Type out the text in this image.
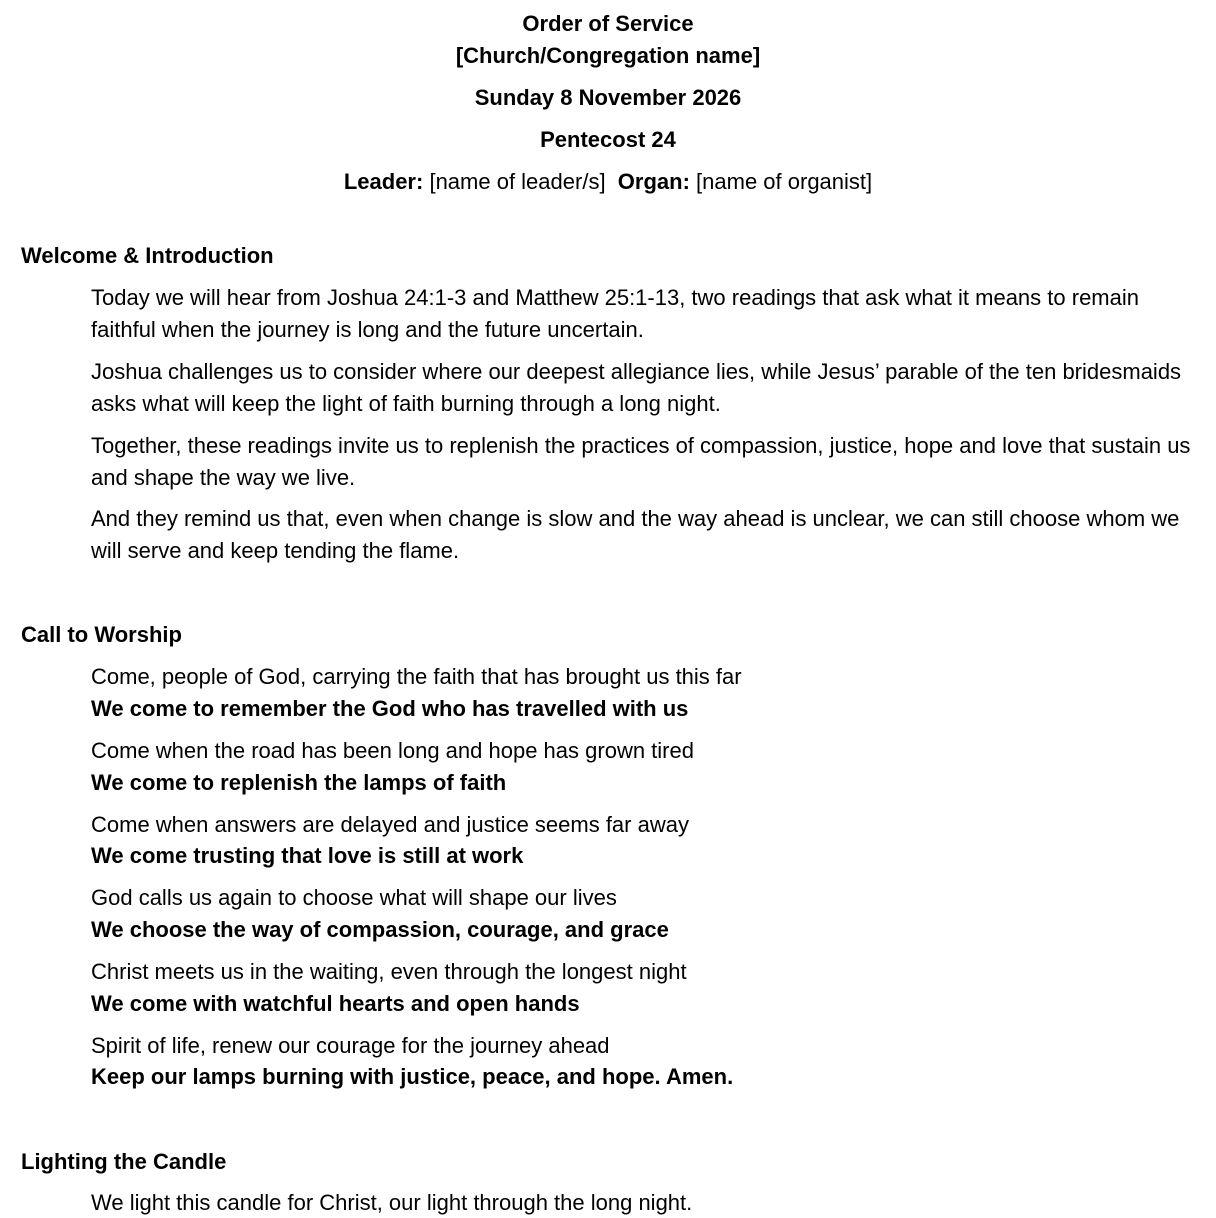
Order of Service
[Church/Congregation name]
Sunday 8 November 2026
Pentecost 24
Leader: [name of leader/s] Organ: [name of organist]
Welcome & Introduction
Today we will hear from Joshua 24:1-3 and Matthew 25:1-13, two readings that ask what it means to remain faithful when the journey is long and the future uncertain.
Joshua challenges us to consider where our deepest allegiance lies, while Jesus’ parable of the ten bridesmaids asks what will keep the light of faith burning through a long night.
Together, these readings invite us to replenish the practices of compassion, justice, hope and love that sustain us and shape the way we live.
And they remind us that, even when change is slow and the way ahead is unclear, we can still choose whom we will serve and keep tending the flame.
Call to Worship
Come, people of God, carrying the faith that has brought us this far
We come to remember the God who has travelled with us
Come when the road has been long and hope has grown tired
We come to replenish the lamps of faith
Come when answers are delayed and justice seems far away
We come trusting that love is still at work
God calls us again to choose what will shape our lives
We choose the way of compassion, courage, and grace
Christ meets us in the waiting, even through the longest night
We come with watchful hearts and open hands
Spirit of life, renew our courage for the journey ahead
Keep our lamps burning with justice, peace, and hope. Amen.
Lighting the Candle
We light this candle for Christ, our light through the long night.
